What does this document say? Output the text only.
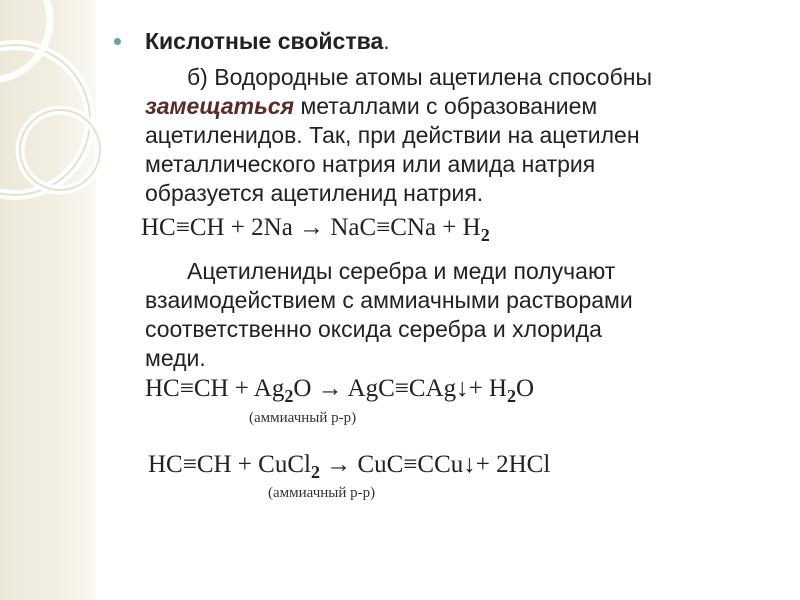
Кислотные свойства.
б) Водородные атомы ацетилена способны
замещаться металлами с образованием
ацетиленидов. Так, при действии на ацетилен
металлического натрия или амида натрия
образуется ацетиленид натрия.
$HC\equiv CH + 2Na \to NaC\equiv CNa + H_2$
Ацетилениды серебра и меди получают
взаимодействием с аммиачными растворами
соответственно оксида серебра и хлорида
меди.
$HC\equiv CH + Ag_2O$ → AgC≡CAg↓+ $H_2O$
(аммиачный р-р)
HC≡CH + CuCl$_2$ → CuC≡CCu↓+ 2HCl
(аммиачный р-р)
